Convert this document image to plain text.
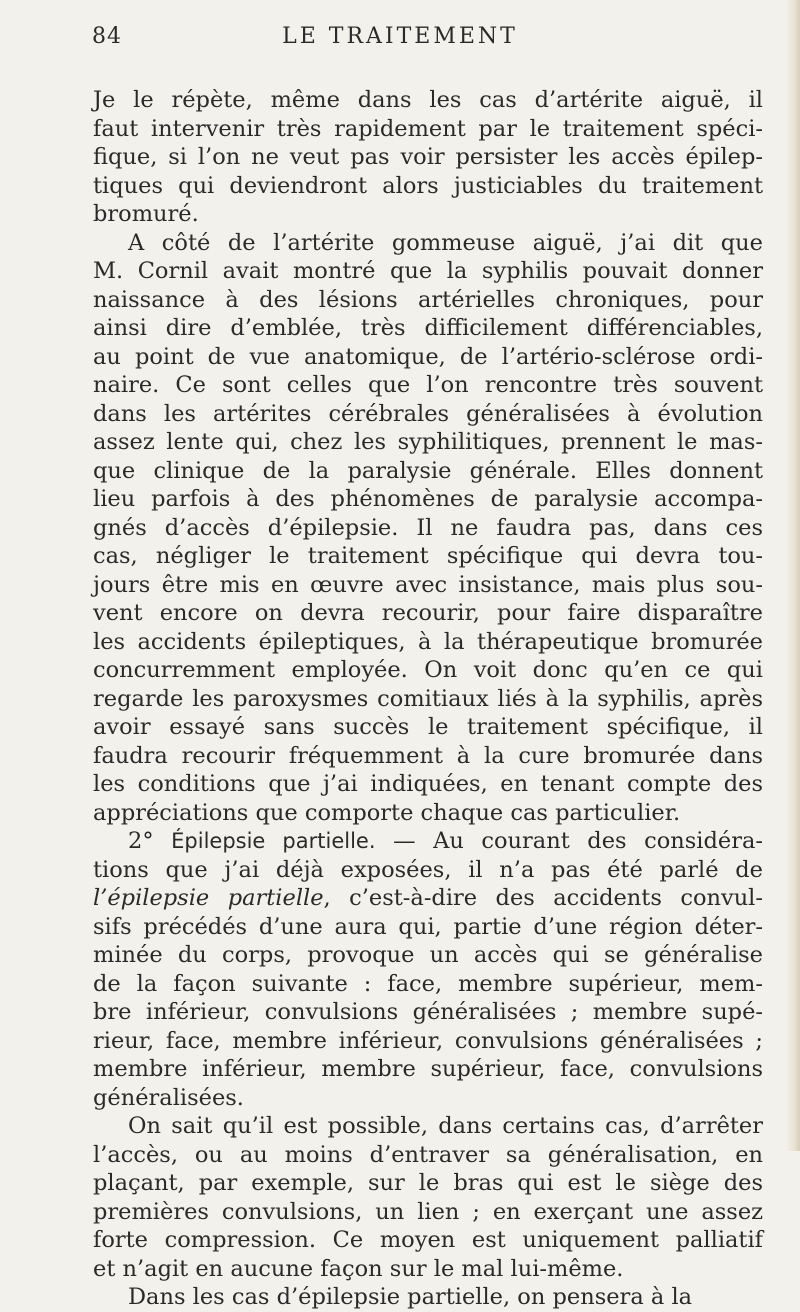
84	LE TRAITEMENT
Je le répète, même dans les cas d’artérite aiguë, il
faut intervenir très rapidement par le traitement spéci-
fique, si l’on ne veut pas voir persister les accès épilep-
tiques qui deviendront alors justiciables du traitement
bromuré.
A côté de l’artérite gommeuse aiguë, j’ai dit que
M. Cornil avait montré que la syphilis pouvait donner
naissance à des lésions artérielles chroniques, pour
ainsi dire d’emblée, très difficilement différenciables,
au point de vue anatomique, de l’artério-sclérose ordi-
naire. Ce sont celles que l’on rencontre très souvent
dans les artérites cérébrales généralisées à évolution
assez lente qui, chez les syphilitiques, prennent le mas-
que clinique de la paralysie générale. Elles donnent
lieu parfois à des phénomènes de paralysie accompa-
gnés d’accès d’épilepsie. Il ne faudra pas, dans ces
cas, négliger le traitement spécifique qui devra tou-
jours être mis en œuvre avec insistance, mais plus sou-
vent encore on devra recourir, pour faire disparaître
les accidents épileptiques, à la thérapeutique bromurée
concurremment employée. On voit donc qu’en ce qui
regarde les paroxysmes comitiaux liés à la syphilis, après
avoir essayé sans succès le traitement spécifique, il
faudra recourir fréquemment à la cure bromurée dans
les conditions que j’ai indiquées, en tenant compte des
appréciations que comporte chaque cas particulier.
2° Épilepsie partielle. — Au courant des considéra-
tions que j’ai déjà exposées, il n’a pas été parlé de
l’épilepsie partielle, c’est-à-dire des accidents convul-
sifs précédés d’une aura qui, partie d’une région déter-
minée du corps, provoque un accès qui se généralise
de la façon suivante : face, membre supérieur, mem-
bre inférieur, convulsions généralisées ; membre supé-
rieur, face, membre inférieur, convulsions généralisées ;
membre inférieur, membre supérieur, face, convulsions
généralisées.
On sait qu’il est possible, dans certains cas, d’arrêter
l’accès, ou au moins d’entraver sa généralisation, en
plaçant, par exemple, sur le bras qui est le siège des
premières convulsions, un lien ; en exerçant une assez
forte compression. Ce moyen est uniquement palliatif
et n’agit en aucune façon sur le mal lui-même.
Dans les cas d’épilepsie partielle, on pensera à la
